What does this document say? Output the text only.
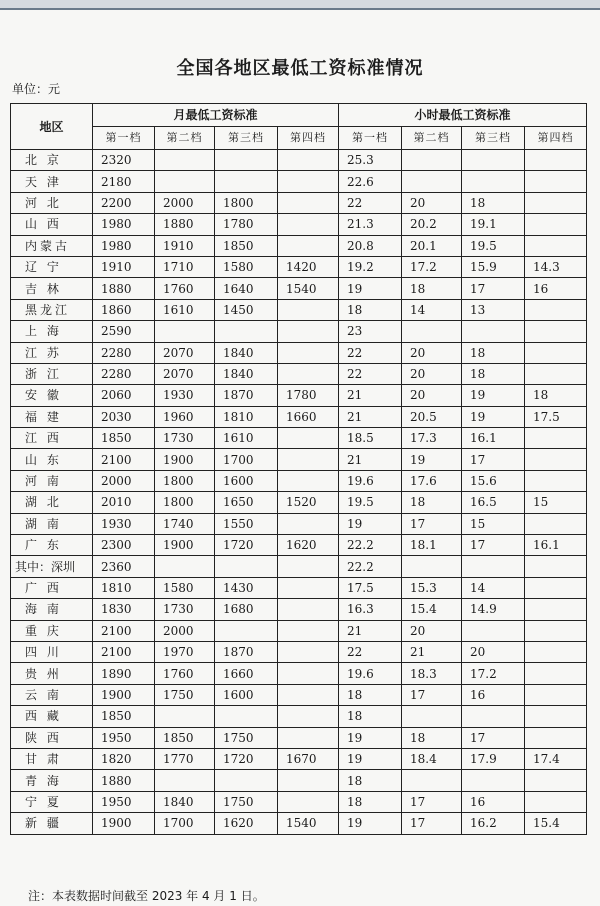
全国各地区最低工资标准情况
单位：元
地区	月最低工资标准				小时最低工资标准			
	第一档	第二档	第三档	第四档	第一档	第二档	第三档	第四档
北 京	2320				25.3			
天 津	2180				22.6			
河 北	2200	2000	1800		22	20	18	
山 西	1980	1880	1780		21.3	20.2	19.1	
内蒙古	1980	1910	1850		20.8	20.1	19.5	
辽 宁	1910	1710	1580	1420	19.2	17.2	15.9	14.3
吉 林	1880	1760	1640	1540	19	18	17	16
黑龙江	1860	1610	1450		18	14	13	
上 海	2590				23			
江 苏	2280	2070	1840		22	20	18	
浙 江	2280	2070	1840		22	20	18	
安 徽	2060	1930	1870	1780	21	20	19	18
福 建	2030	1960	1810	1660	21	20.5	19	17.5
江 西	1850	1730	1610		18.5	17.3	16.1	
山 东	2100	1900	1700		21	19	17	
河 南	2000	1800	1600		19.6	17.6	15.6	
湖 北	2010	1800	1650	1520	19.5	18	16.5	15
湖 南	1930	1740	1550		19	17	15	
广 东	2300	1900	1720	1620	22.2	18.1	17	16.1
其中：深圳	2360				22.2			
广 西	1810	1580	1430		17.5	15.3	14	
海 南	1830	1730	1680		16.3	15.4	14.9	
重 庆	2100	2000			21	20		
四 川	2100	1970	1870		22	21	20	
贵 州	1890	1760	1660		19.6	18.3	17.2	
云 南	1900	1750	1600		18	17	16	
西 藏	1850				18			
陕 西	1950	1850	1750		19	18	17	
甘 肃	1820	1770	1720	1670	19	18.4	17.9	17.4
青 海	1880				18			
宁 夏	1950	1840	1750		18	17	16	
新 疆	1900	1700	1620	1540	19	17	16.2	15.4
注：本表数据时间截至 2023 年 4 月 1 日。
